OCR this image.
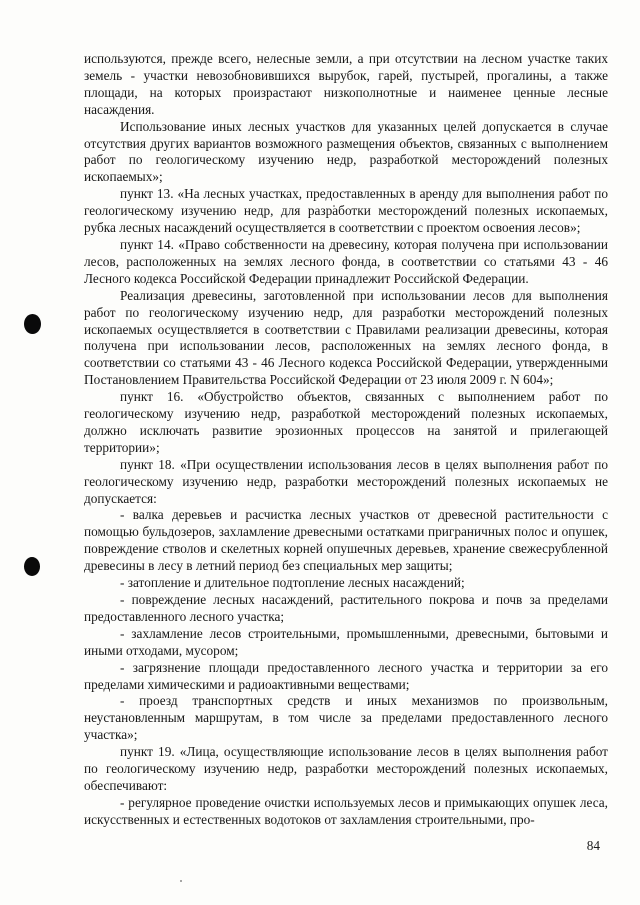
используются, прежде всего, нелесные земли, а при отсутствии на лесном участке таких земель - участки невозобновившихся вырубок, гарей, пустырей, прогалины, а также площади, на которых произрастают низкополнотные и наименее ценные лесные насаждения.

Использование иных лесных участков для указанных целей допускается в случае отсутствия других вариантов возможного размещения объектов, связанных с выполнением работ по геологическому изучению недр, разработкой месторождений полезных ископаемых»;

пункт 13. «На лесных участках, предоставленных в аренду для выполнения работ по геологическому изучению недр, для разработки месторождений полезных ископаемых, рубка лесных насаждений осуществляется в соответствии с проектом освоения лесов»;

пункт 14. «Право собственности на древесину, которая получена при использовании лесов, расположенных на землях лесного фонда, в соответствии со статьями 43 - 46 Лесного кодекса Российской Федерации принадлежит Российской Федерации.

Реализация древесины, заготовленной при использовании лесов для выполнения работ по геологическому изучению недр, для разработки месторождений полезных ископаемых осуществляется в соответствии с Правилами реализации древесины, которая получена при использовании лесов, расположенных на землях лесного фонда, в соответствии со статьями 43 - 46 Лесного кодекса Российской Федерации, утвержденными Постановлением Правительства Российской Федерации от 23 июля 2009 г. N 604»;

пункт 16. «Обустройство объектов, связанных с выполнением работ по геологическому изучению недр, разработкой месторождений полезных ископаемых, должно исключать развитие эрозионных процессов на занятой и прилегающей территории»;

пункт 18. «При осуществлении использования лесов в целях выполнения работ по геологическому изучению недр, разработки месторождений полезных ископаемых не допускается:

- валка деревьев и расчистка лесных участков от древесной растительности с помощью бульдозеров, захламление древесными остатками приграничных полос и опушек, повреждение стволов и скелетных корней опушечных деревьев, хранение свежесрубленной древесины в лесу в летний период без специальных мер защиты;

- затопление и длительное подтопление лесных насаждений;

- повреждение лесных насаждений, растительного покрова и почв за пределами предоставленного лесного участка;

- захламление лесов строительными, промышленными, древесными, бытовыми и иными отходами, мусором;

- загрязнение площади предоставленного лесного участка и территории за его пределами химическими и радиоактивными веществами;

- проезд транспортных средств и иных механизмов по произвольным, неустановленным маршрутам, в том числе за пределами предоставленного лесного участка»;

пункт 19. «Лица, осуществляющие использование лесов в целях выполнения работ по геологическому изучению недр, разработки месторождений полезных ископаемых, обеспечивают:

- регулярное проведение очистки используемых лесов и примыкающих опушек леса, искусственных и естественных водотоков от захламления строительными, про-

84
